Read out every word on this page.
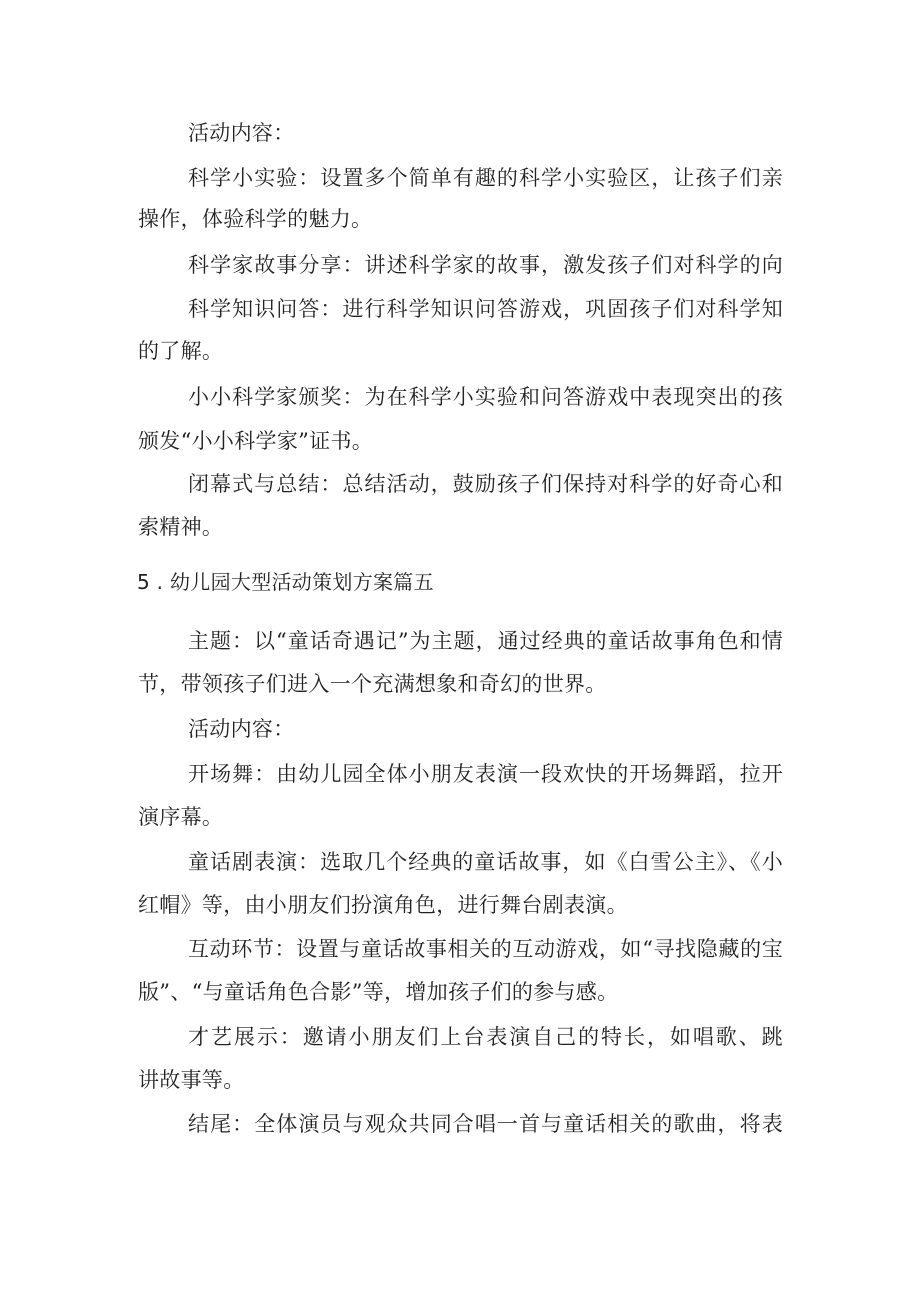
活动内容：
科学小实验：设置多个简单有趣的科学小实验区，让孩子们亲
操作，体验科学的魅力。
科学家故事分享：讲述科学家的故事，激发孩子们对科学的向
科学知识问答：进行科学知识问答游戏，巩固孩子们对科学知
的了解。
小小科学家颁奖：为在科学小实验和问答游戏中表现突出的孩
颁发“小小科学家”证书。
闭幕式与总结：总结活动，鼓励孩子们保持对科学的好奇心和
索精神。
5 . 幼儿园大型活动策划方案篇五
主题：以“童话奇遇记”为主题，通过经典的童话故事角色和情
节，带领孩子们进入一个充满想象和奇幻的世界。
活动内容：
开场舞：由幼儿园全体小朋友表演一段欢快的开场舞蹈，拉开
演序幕。
童话剧表演：选取几个经典的童话故事，如《白雪公主》、《小
红帽》等，由小朋友们扮演角色，进行舞台剧表演。
互动环节：设置与童话故事相关的互动游戏，如“寻找隐藏的宝
版”、“与童话角色合影”等，增加孩子们的参与感。
才艺展示：邀请小朋友们上台表演自己的特长，如唱歌、跳
讲故事等。
结尾：全体演员与观众共同合唱一首与童话相关的歌曲，将表
